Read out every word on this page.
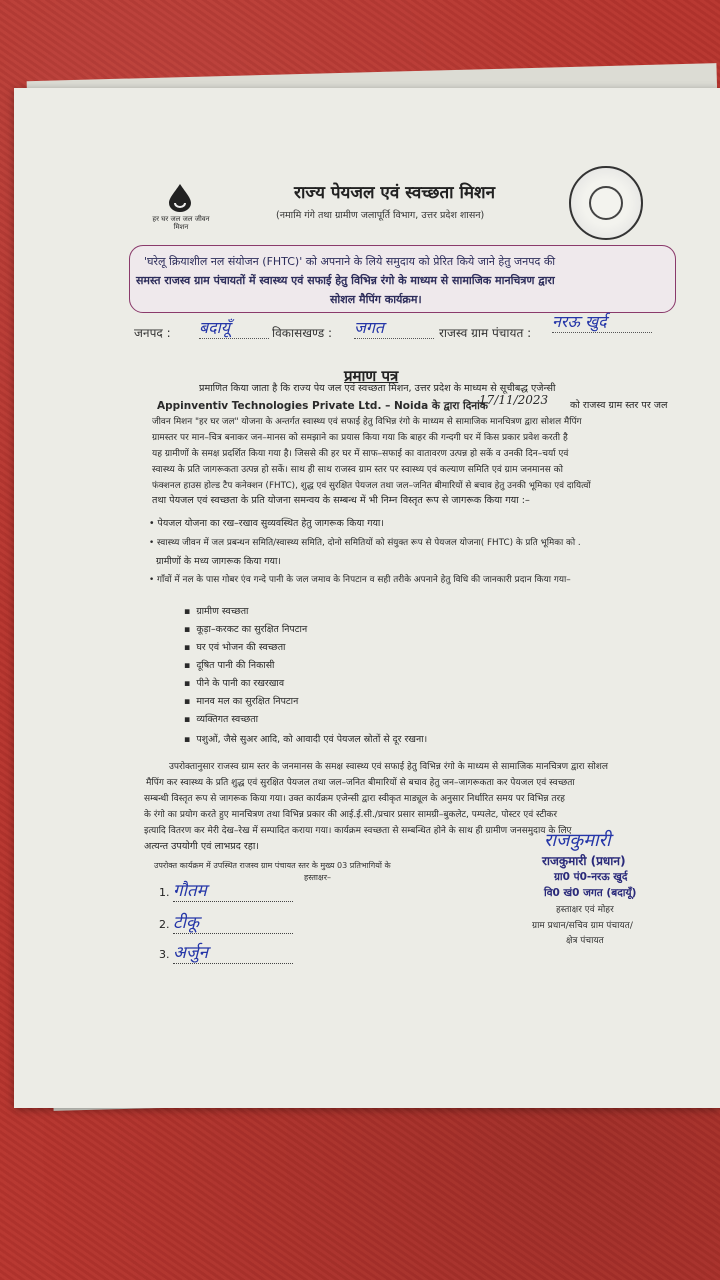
हर घर जल जल जीवन मिशन
राज्य पेयजल एवं स्वच्छता मिशन
(नमामि गंगे तथा ग्रामीण जलापूर्ति विभाग, उत्तर प्रदेश शासन)
'घरेलू क्रियाशील नल संयोजन (FHTC)' को अपनाने के लिये समुदाय को प्रेरित किये जाने हेतु जनपद की
समस्त राजस्व ग्राम पंचायतों में स्वास्थ्य एवं सफाई हेतु विभिन्न रंगो के माध्यम से सामाजिक मानचित्रण द्वारा
सोशल मैपिंग कार्यक्रम।
जनपद : बदायूँ	विकासखण्ड : जगत	राजस्व ग्राम पंचायत :
नरऊ खुर्द
प्रमाण पत्र
प्रमाणित किया जाता है कि राज्य पेय जल एवं स्वच्छता मिशन, उत्तर प्रदेश के माध्यम से सूचीबद्ध एजेन्सी
Appinventiv Technologies Private Ltd. – Noida के द्वारा दिनांक
17/11/2023 को राजस्व ग्राम स्तर पर जल
जीवन मिशन "हर घर जल" योजना के अन्तर्गत स्वास्थ्य एवं सफाई हेतु विभिन्न रंगो के माध्यम से सामाजिक मानचित्रण द्वारा सोशल मैपिंग
ग्रामस्तर पर मान–चित्र बनाकर जन–मानस को समझाने का प्रयास किया गया कि बाहर की गन्दगी घर में किस प्रकार प्रवेश करती है
यह ग्रामीणों के समक्ष प्रदर्शित किया गया है। जिससे की हर घर में साफ–सफाई का वातावरण उत्पन्न हो सकें व उनकी दिन–चर्या एवं
स्वास्थ्य के प्रति जागरूकता उत्पन्न हो सकें। साथ ही साथ राजस्व ग्राम स्तर पर स्वास्थ्य एवं कल्याण समिति एवं ग्राम जनमानस को
फंक्शनल हाउस होल्ड टैप कनेक्शन (FHTC), शुद्ध एवं सुरक्षित पेयजल तथा जल–जनित बीमारियों से बचाव हेतु उनकी भूमिका एवं दायित्वों
तथा पेयजल एवं स्वच्छता के प्रति योजना समन्वय के सम्बन्ध में भी निम्न विस्तृत रूप से जागरूक किया गया :–
• पेयजल योजना का रख–रखाव सुव्यवस्थित हेतु जागरूक किया गया।
• स्वास्थ्य जीवन में जल प्रबन्धन समिति/स्वास्थ्य समिति, दोनो समितियों को संयुक्त रूप से पेयजल योजना( FHTC) के प्रति भूमिका को .
ग्रामीणों के मध्य जागरूक किया गया।
• गाँवों में नल के पास गोबर एंव गन्दे पानी के जल जमाव के निपटान व सही तरीके अपनाने हेतु विधि की जानकारी प्रदान किया गया–
▪  ग्रामीण स्वच्छता
▪  कूड़ा–करकट का सुरक्षित निपटान
▪  घर एवं भोजन की स्वच्छता
▪  दूषित पानी की निकासी
▪  पीने के पानी का रखरखाव
▪  मानव मल का सुरक्षित निपटान
▪  व्यक्तिगत स्वच्छता
▪  पशुओं, जैसे सुअर आदि, को आवादी एवं पेयजल स्रोतों से दूर रखना।
उपरोक्तानुसार राजस्व ग्राम स्तर के जनमानस के समक्ष स्वास्थ्य एवं सफाई हेतु विभिन्न रंगो के माध्यम से सामाजिक मानचित्रण द्वारा सोशल
मैपिंग कर स्वास्थ्य के प्रति शुद्ध एवं सुरक्षित पेयजल तथा जल–जनित बीमारियों से बचाव हेतु जन–जागरूकता कर पेयजल एवं स्वच्छता
सम्बन्धी विस्तृत रूप से जागरूक किया गया। उक्त कार्यक्रम एजेन्सी द्वारा स्वीकृत माड्यूल के अनुसार निर्धारित समय पर विभिन्न तरह
के रंगो का प्रयोग करते हुए मानचित्रण तथा विभिन्न प्रकार की आई.ई.सी./प्रचार प्रसार सामग्री–बुकलेट, पम्पलेट, पोस्टर एवं स्टीकर
इत्यादि वितरण कर मेरी देख–रेख में सम्पादित कराया गया। कार्यक्रम स्वच्छता से सम्बन्धित होने के साथ ही ग्रामीण जनसमुदाय के लिए
अत्यन्त उपयोगी एवं लाभप्रद रहा।
उपरोक्त कार्यक्रम में उपस्थित राजस्व ग्राम पंचायत स्तर के मुख्य 03 प्रतिभागियों के
हस्ताक्षर–
1. गौतम
2. टीकू
3. अर्जुन
राजकुमारी
राजकुमारी (प्रधान)
ग्रा0 पं0-नरऊ खुर्द
वि0 खं0 जगत (बदायूँ)
हस्ताक्षर एवं मोहर
ग्राम प्रधान/सचिव ग्राम पंचायत/
क्षेत्र पंचायत
